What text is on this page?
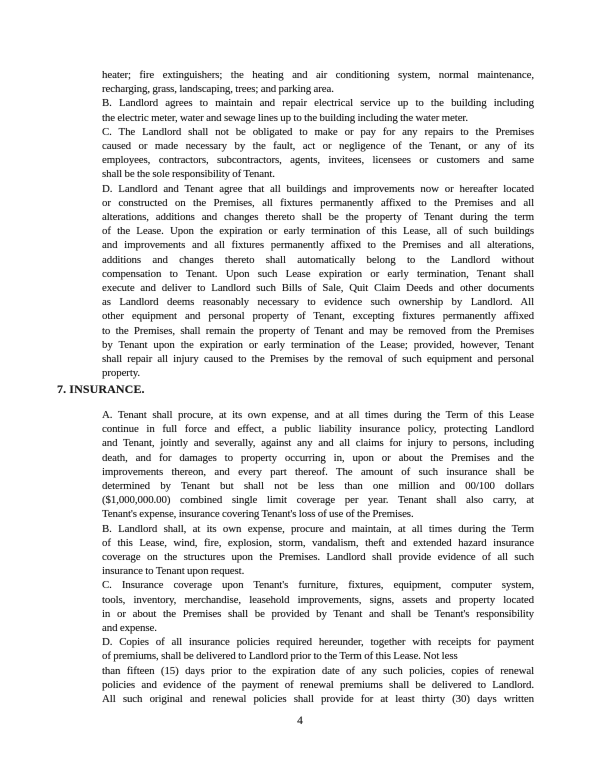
heater; fire extinguishers; the heating and air conditioning system, normal maintenance,
recharging, grass, landscaping, trees; and parking area.
B. Landlord agrees to maintain and repair electrical service up to the building including
the electric meter, water and sewage lines up to the building including the water meter.
C. The Landlord shall not be obligated to make or pay for any repairs to the Premises
caused or made necessary by the fault, act or negligence of the Tenant, or any of its
employees, contractors, subcontractors, agents, invitees, licensees or customers and same
shall be the sole responsibility of Tenant.
D. Landlord and Tenant agree that all buildings and improvements now or hereafter located
or constructed on the Premises, all fixtures permanently affixed to the Premises and all
alterations, additions and changes thereto shall be the property of Tenant during the term
of the Lease. Upon the expiration or early termination of this Lease, all of such buildings
and improvements and all fixtures permanently affixed to the Premises and all alterations,
additions and changes thereto shall automatically belong to the Landlord without
compensation to Tenant. Upon such Lease expiration or early termination, Tenant shall
execute and deliver to Landlord such Bills of Sale, Quit Claim Deeds and other documents
as Landlord deems reasonably necessary to evidence such ownership by Landlord. All
other equipment and personal property of Tenant, excepting fixtures permanently affixed
to the Premises, shall remain the property of Tenant and may be removed from the Premises
by Tenant upon the expiration or early termination of the Lease; provided, however, Tenant
shall repair all injury caused to the Premises by the removal of such equipment and personal
property.
7. INSURANCE.
A. Tenant shall procure, at its own expense, and at all times during the Term of this Lease
continue in full force and effect, a public liability insurance policy, protecting Landlord
and Tenant, jointly and severally, against any and all claims for injury to persons, including
death, and for damages to property occurring in, upon or about the Premises and the
improvements thereon, and every part thereof. The amount of such insurance shall be
determined by Tenant but shall not be less than one million and 00/100 dollars
($1,000,000.00) combined single limit coverage per year. Tenant shall also carry, at
Tenant's expense, insurance covering Tenant's loss of use of the Premises.
B. Landlord shall, at its own expense, procure and maintain, at all times during the Term
of this Lease, wind, fire, explosion, storm, vandalism, theft and extended hazard insurance
coverage on the structures upon the Premises. Landlord shall provide evidence of all such
insurance to Tenant upon request.
C. Insurance coverage upon Tenant's furniture, fixtures, equipment, computer system,
tools, inventory, merchandise, leasehold improvements, signs, assets and property located
in or about the Premises shall be provided by Tenant and shall be Tenant's responsibility
and expense.
D. Copies of all insurance policies required hereunder, together with receipts for payment
of premiums, shall be delivered to Landlord prior to the Term of this Lease. Not less
than fifteen (15) days prior to the expiration date of any such policies, copies of renewal
policies and evidence of the payment of renewal premiums shall be delivered to Landlord.
All such original and renewal policies shall provide for at least thirty (30) days written
4
